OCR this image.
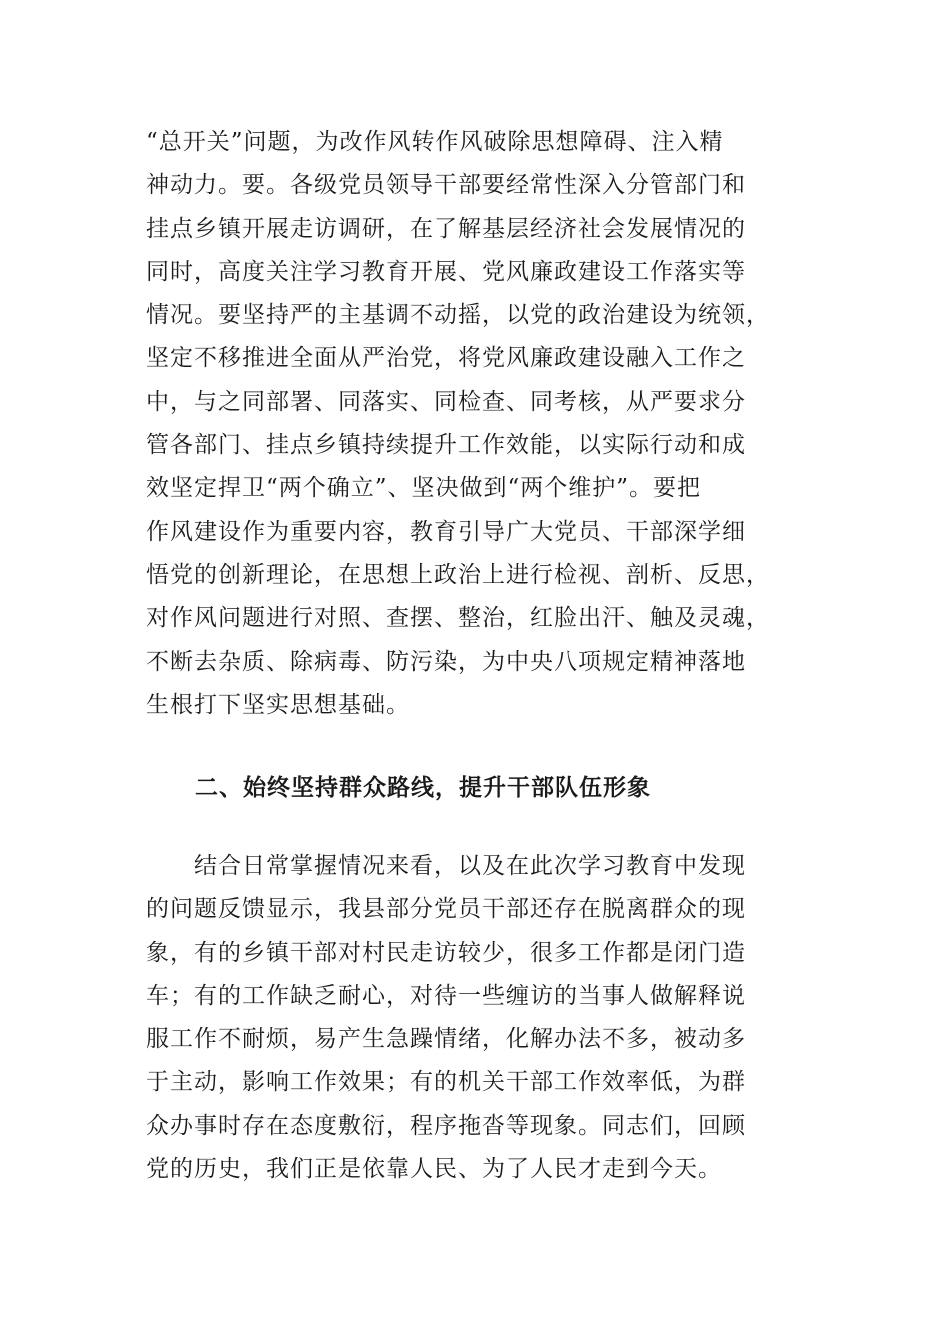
“总开关”问题，为改作风转作风破除思想障碍、注入精
神动力。要。各级党员领导干部要经常性深入分管部门和
挂点乡镇开展走访调研，在了解基层经济社会发展情况的
同时，高度关注学习教育开展、党风廉政建设工作落实等
情况。要坚持严的主基调不动摇，以党的政治建设为统领，
坚定不移推进全面从严治党，将党风廉政建设融入工作之
中，与之同部署、同落实、同检查、同考核，从严要求分
管各部门、挂点乡镇持续提升工作效能，以实际行动和成
效坚定捍卫“两个确立”、坚决做到“两个维护”。要把
作风建设作为重要内容，教育引导广大党员、干部深学细
悟党的创新理论，在思想上政治上进行检视、剖析、反思，
对作风问题进行对照、查摆、整治，红脸出汗、触及灵魂，
不断去杂质、除病毒、防污染，为中央八项规定精神落地
生根打下坚实思想基础。
二、始终坚持群众路线，提升干部队伍形象
　　结合日常掌握情况来看，以及在此次学习教育中发现
的问题反馈显示，我县部分党员干部还存在脱离群众的现
象，有的乡镇干部对村民走访较少，很多工作都是闭门造
车；有的工作缺乏耐心，对待一些缠访的当事人做解释说
服工作不耐烦，易产生急躁情绪，化解办法不多，被动多
于主动，影响工作效果；有的机关干部工作效率低，为群
众办事时存在态度敷衍，程序拖沓等现象。同志们，回顾
党的历史，我们正是依靠人民、为了人民才走到今天。
